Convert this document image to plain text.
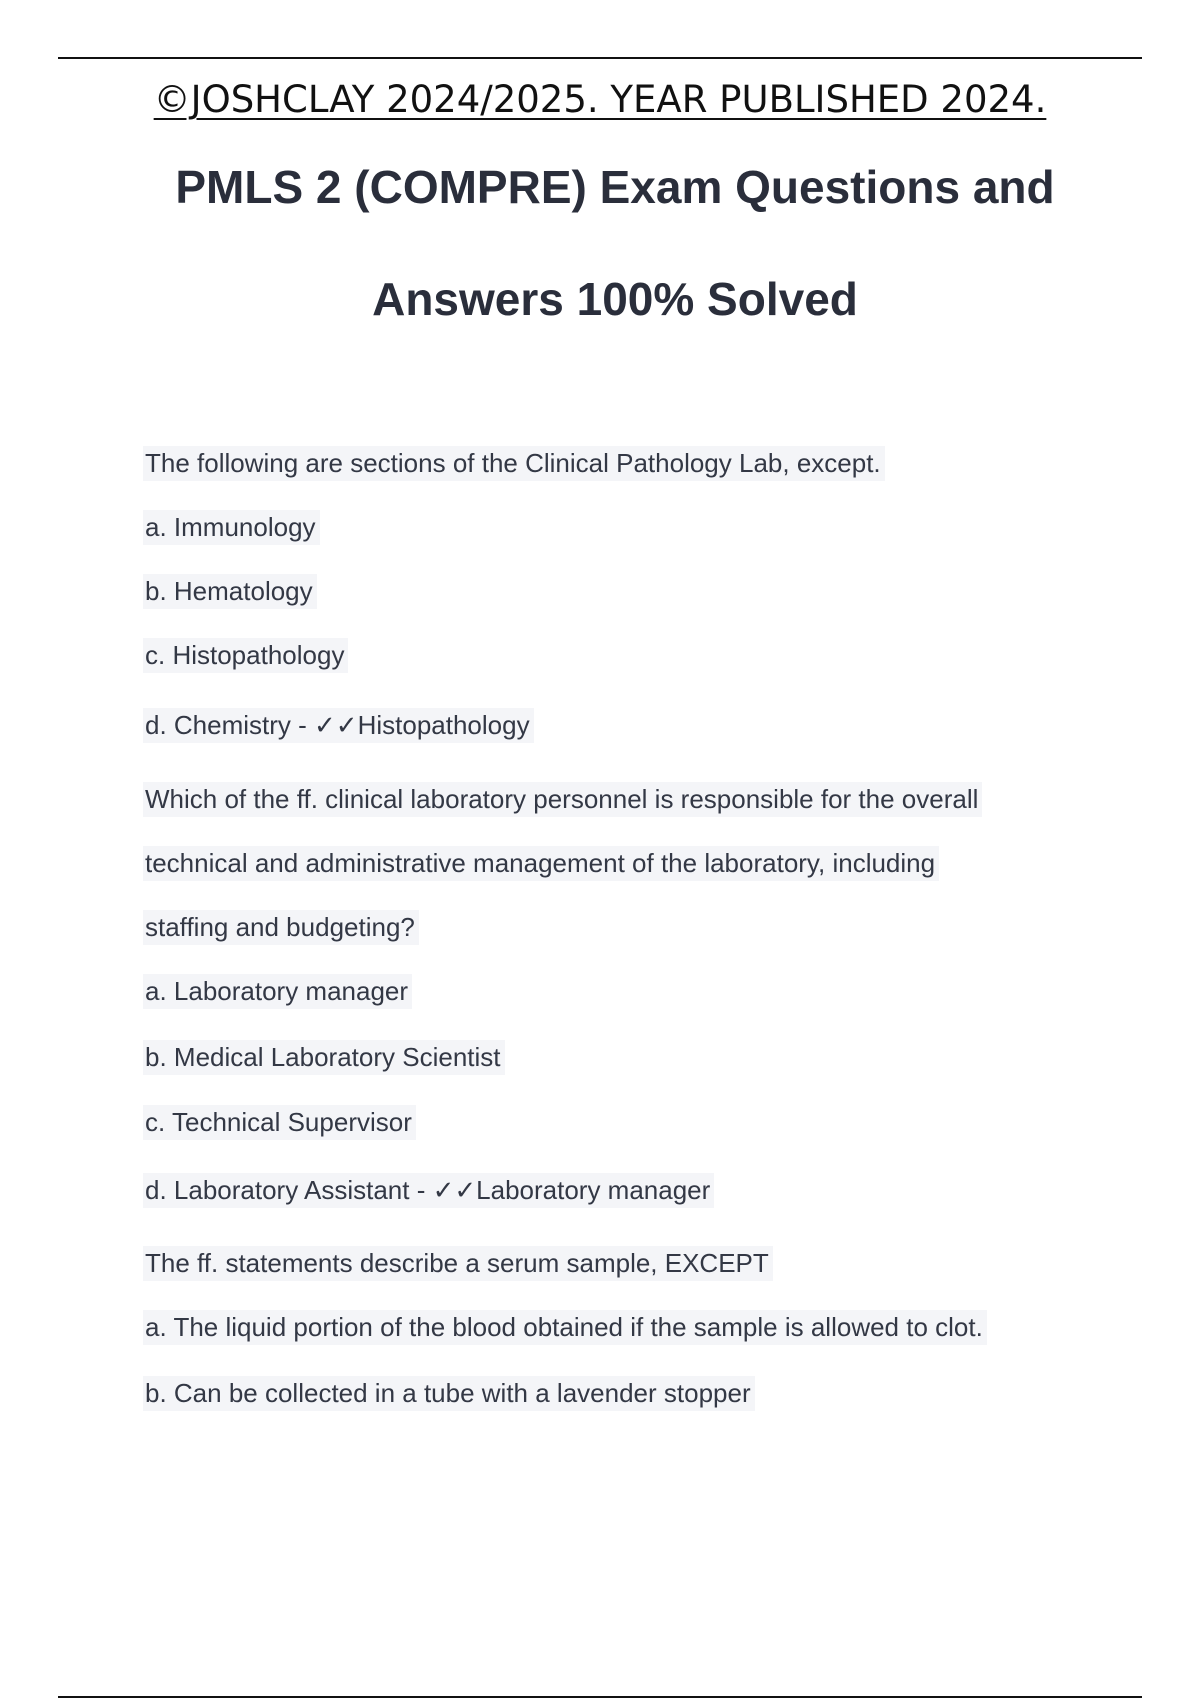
©JOSHCLAY 2024/2025. YEAR PUBLISHED 2024.
PMLS 2 (COMPRE) Exam Questions and
Answers 100% Solved
The following are sections of the Clinical Pathology Lab, except.
a. Immunology
b. Hematology
c. Histopathology
d. Chemistry - ✓✓Histopathology
Which of the ff. clinical laboratory personnel is responsible for the overall
technical and administrative management of the laboratory, including
staffing and budgeting?
a. Laboratory manager
b. Medical Laboratory Scientist
c. Technical Supervisor
d. Laboratory Assistant - ✓✓Laboratory manager
The ff. statements describe a serum sample, EXCEPT
a. The liquid portion of the blood obtained if the sample is allowed to clot.
b. Can be collected in a tube with a lavender stopper
